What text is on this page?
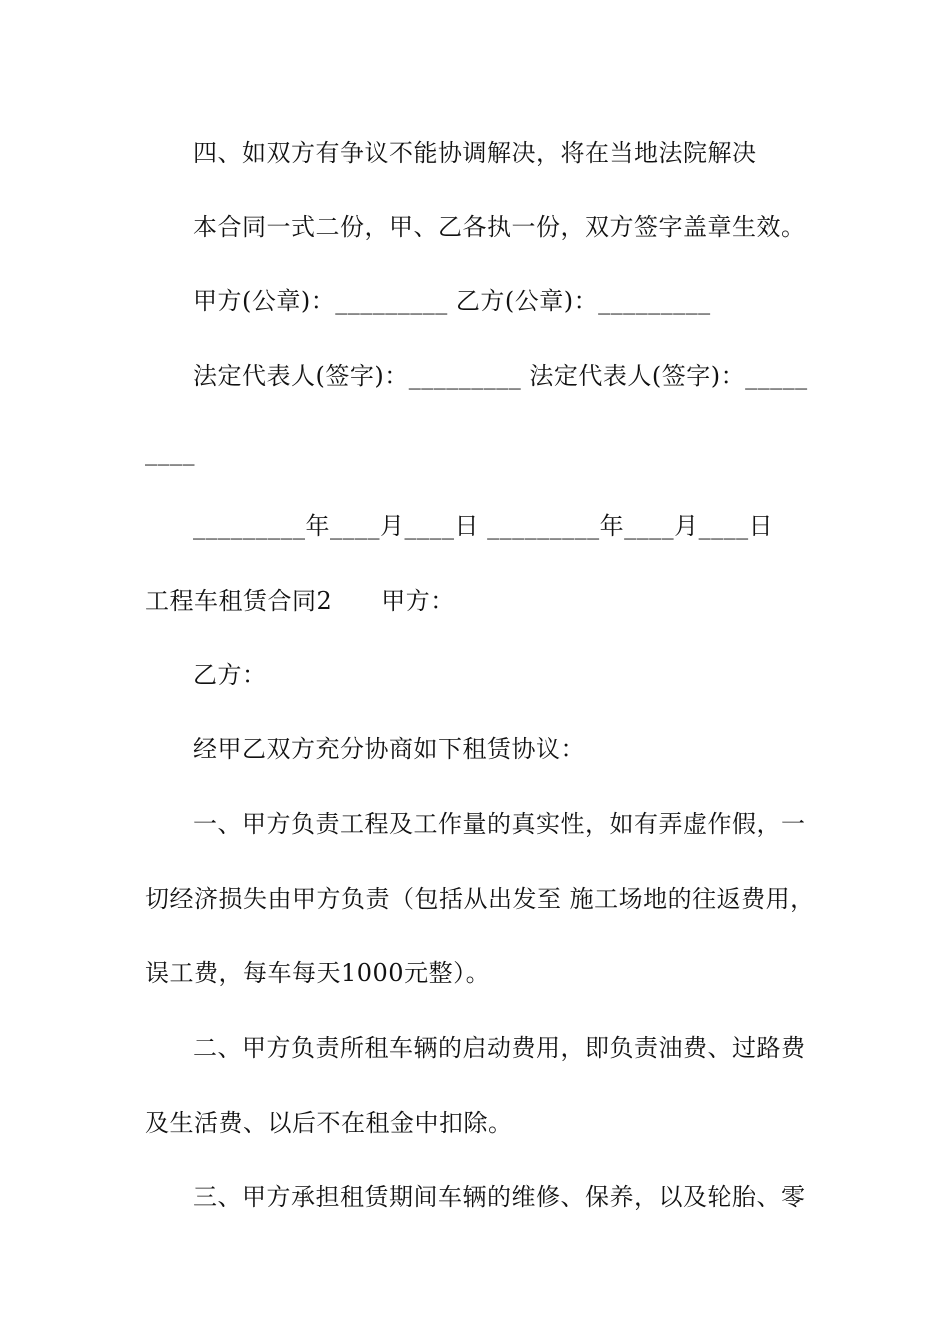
四、如双方有争议不能协调解决，将在当地法院解决
本合同一式二份，甲、乙各执一份，双方签字盖章生效。
甲方(公章)：_________ 乙方(公章)：_________
法定代表人(签字)：_________ 法定代表人(签字)：_____
____
_________年____月____日 _________年____月____日
工程车租赁合同2　　甲方：
乙方：
经甲乙双方充分协商如下租赁协议：
一、甲方负责工程及工作量的真实性，如有弄虚作假，一
切经济损失由甲方负责（包括从出发至 施工场地的往返费用，
误工费，每车每天1000元整）。
二、甲方负责所租车辆的启动费用，即负责油费、过路费
及生活费、以后不在租金中扣除。
三、甲方承担租赁期间车辆的维修、保养，以及轮胎、零
